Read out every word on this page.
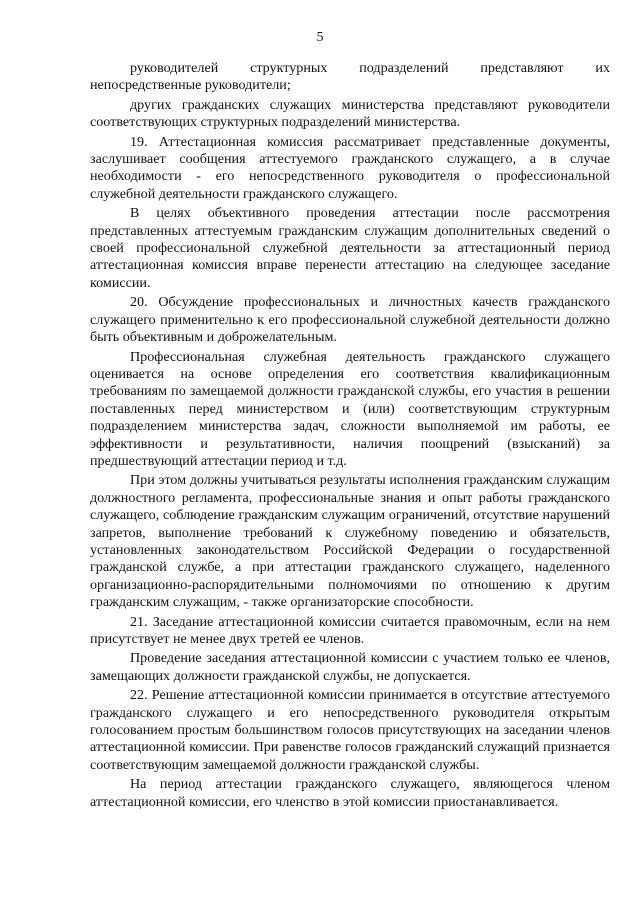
5

руководителей структурных подразделений представляют их непосредственные руководители;

других гражданских служащих министерства представляют руководители соответствующих структурных подразделений министерства.

19. Аттестационная комиссия рассматривает представленные документы, заслушивает сообщения аттестуемого гражданского служащего, а в случае необходимости - его непосредственного руководителя о профессиональной служебной деятельности гражданского служащего.

В целях объективного проведения аттестации после рассмотрения представленных аттестуемым гражданским служащим дополнительных сведений о своей профессиональной служебной деятельности за аттестационный период аттестационная комиссия вправе перенести аттестацию на следующее заседание комиссии.

20. Обсуждение профессиональных и личностных качеств гражданского служащего применительно к его профессиональной служебной деятельности должно быть объективным и доброжелательным.

Профессиональная служебная деятельность гражданского служащего оценивается на основе определения его соответствия квалификационным требованиям по замещаемой должности гражданской службы, его участия в решении поставленных перед министерством и (или) соответствующим структурным подразделением министерства задач, сложности выполняемой им работы, ее эффективности и результативности, наличия поощрений (взысканий) за предшествующий аттестации период и т.д.

При этом должны учитываться результаты исполнения гражданским служащим должностного регламента, профессиональные знания и опыт работы гражданского служащего, соблюдение гражданским служащим ограничений, отсутствие нарушений запретов, выполнение требований к служебному поведению и обязательств, установленных законодательством Российской Федерации о государственной гражданской службе, а при аттестации гражданского служащего, наделенного организационно-распорядительными полномочиями по отношению к другим гражданским служащим, - также организаторские способности.

21. Заседание аттестационной комиссии считается правомочным, если на нем присутствует не менее двух третей ее членов.

Проведение заседания аттестационной комиссии с участием только ее членов, замещающих должности гражданской службы, не допускается.

22. Решение аттестационной комиссии принимается в отсутствие аттестуемого гражданского служащего и его непосредственного руководителя открытым голосованием простым большинством голосов присутствующих на заседании членов аттестационной комиссии. При равенстве голосов гражданский служащий признается соответствующим замещаемой должности гражданской службы.

На период аттестации гражданского служащего, являющегося членом аттестационной комиссии, его членство в этой комиссии приостанавливается.
